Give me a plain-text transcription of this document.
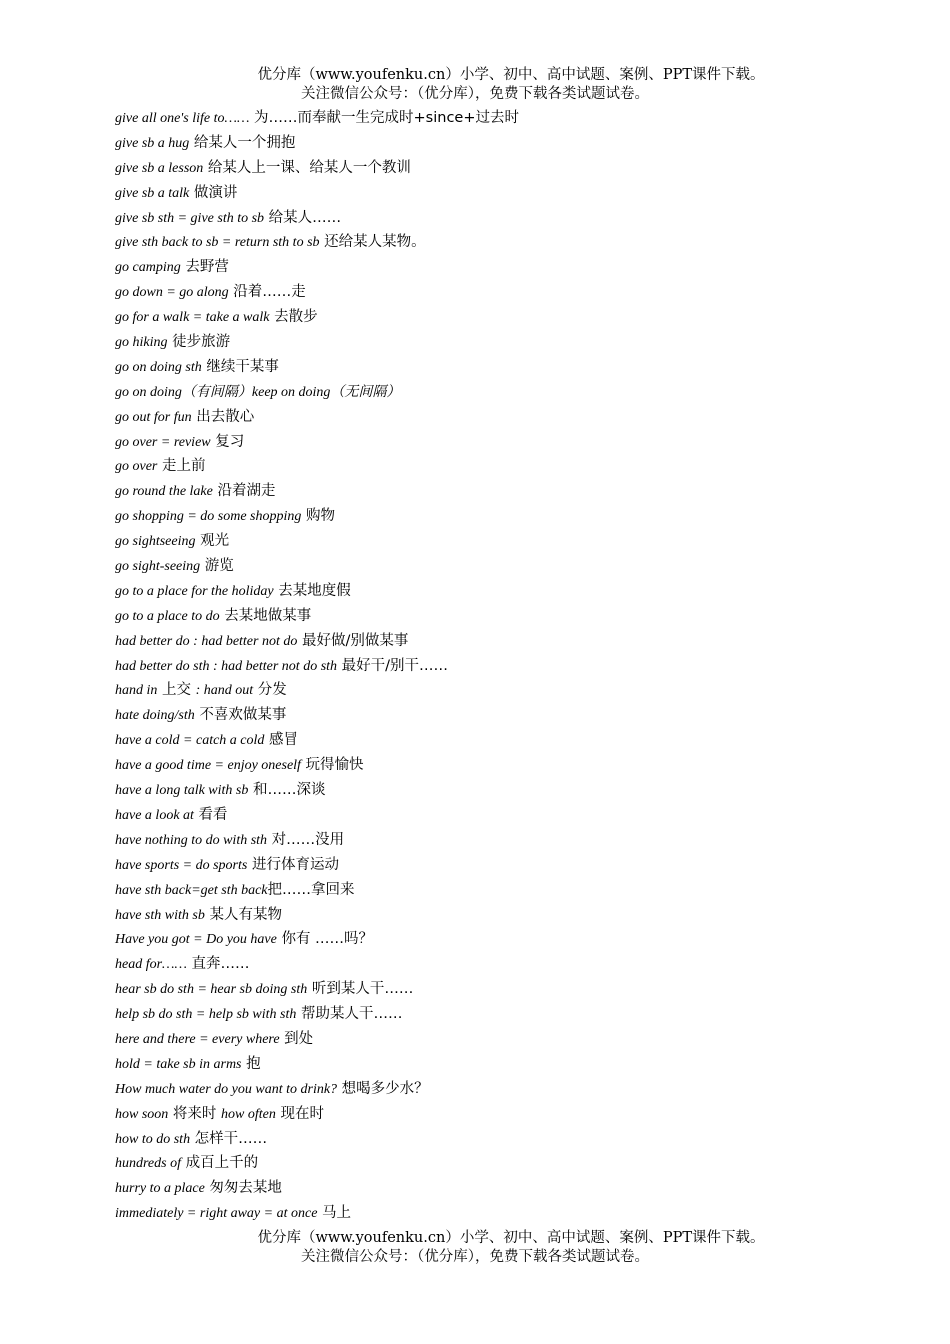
优分库（www.youfenku.cn）小学、初中、高中试题、案例、PPT课件下载。
关注微信公众号：（优分库），免费下载各类试题试卷。
give all one's life to…… 为……而奉献一生完成时+since+过去时
give sb a hug 给某人一个拥抱
give sb a lesson 给某人上一课、给某人一个教训
give sb a talk 做演讲
give sb sth = give sth to sb 给某人……
give sth back to sb = return sth to sb 还给某人某物。
go camping 去野营
go down = go along 沿着……走
go for a walk = take a walk 去散步
go hiking 徒步旅游
go on doing sth 继续干某事
go on doing（有间隔）keep on doing（无间隔）
go out for fun 出去散心
go over = review 复习
go over 走上前
go round the lake 沿着湖走
go shopping = do some shopping 购物
go sightseeing 观光
go sight-seeing 游览
go to a place for the holiday 去某地度假
go to a place to do 去某地做某事
had better do : had better not do 最好做/别做某事
had better do sth : had better not do sth 最好干/别干……
hand in 上交 : hand out 分发
hate doing/sth 不喜欢做某事
have a cold = catch a cold 感冒
have a good time = enjoy oneself 玩得愉快
have a long talk with sb 和……深谈
have a look at 看看
have nothing to do with sth 对……没用
have sports = do sports 进行体育运动
have sth back=get sth back把……拿回来
have sth with sb 某人有某物
Have you got = Do you have 你有 ……吗？
head for…… 直奔……
hear sb do sth = hear sb doing sth 听到某人干……
help sb do sth = help sb with sth 帮助某人干……
here and there = every where 到处
hold = take sb in arms 抱
How much water do you want to drink? 想喝多少水？
how soon 将来时 how often 现在时
how to do sth 怎样干……
hundreds of 成百上千的
hurry to a place 匆匆去某地
immediately = right away = at once 马上
优分库（www.youfenku.cn）小学、初中、高中试题、案例、PPT课件下载。
关注微信公众号：（优分库），免费下载各类试题试卷。
